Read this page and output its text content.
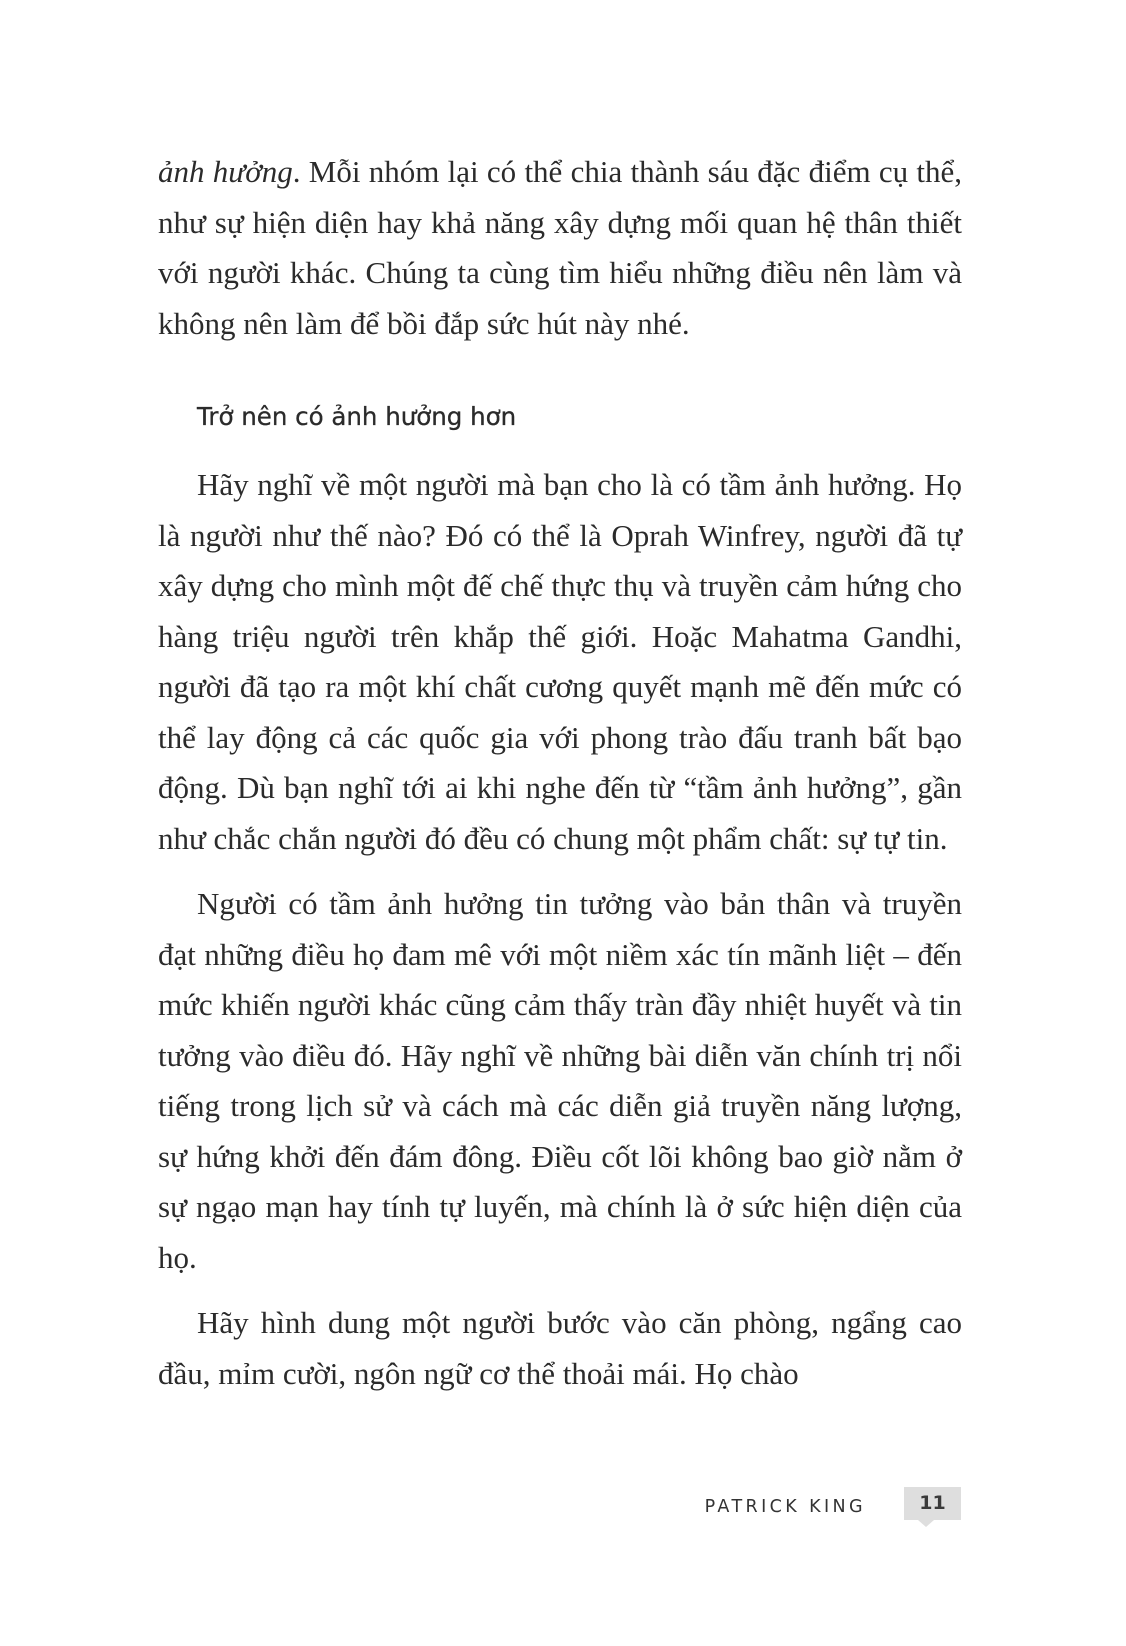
ảnh hưởng. Mỗi nhóm lại có thể chia thành sáu đặc điểm cụ thể, như sự hiện diện hay khả năng xây dựng mối quan hệ thân thiết với người khác. Chúng ta cùng tìm hiểu những điều nên làm và không nên làm để bồi đắp sức hút này nhé.

Trở nên có ảnh hưởng hơn

Hãy nghĩ về một người mà bạn cho là có tầm ảnh hưởng. Họ là người như thế nào? Đó có thể là Oprah Winfrey, người đã tự xây dựng cho mình một đế chế thực thụ và truyền cảm hứng cho hàng triệu người trên khắp thế giới. Hoặc Mahatma Gandhi, người đã tạo ra một khí chất cương quyết mạnh mẽ đến mức có thể lay động cả các quốc gia với phong trào đấu tranh bất bạo động. Dù bạn nghĩ tới ai khi nghe đến từ “tầm ảnh hưởng”, gần như chắc chắn người đó đều có chung một phẩm chất: sự tự tin.

Người có tầm ảnh hưởng tin tưởng vào bản thân và truyền đạt những điều họ đam mê với một niềm xác tín mãnh liệt – đến mức khiến người khác cũng cảm thấy tràn đầy nhiệt huyết và tin tưởng vào điều đó. Hãy nghĩ về những bài diễn văn chính trị nổi tiếng trong lịch sử và cách mà các diễn giả truyền năng lượng, sự hứng khởi đến đám đông. Điều cốt lõi không bao giờ nằm ở sự ngạo mạn hay tính tự luyến, mà chính là ở sức hiện diện của họ.

Hãy hình dung một người bước vào căn phòng, ngẩng cao đầu, mỉm cười, ngôn ngữ cơ thể thoải mái. Họ chào

PATRICK KING	11
